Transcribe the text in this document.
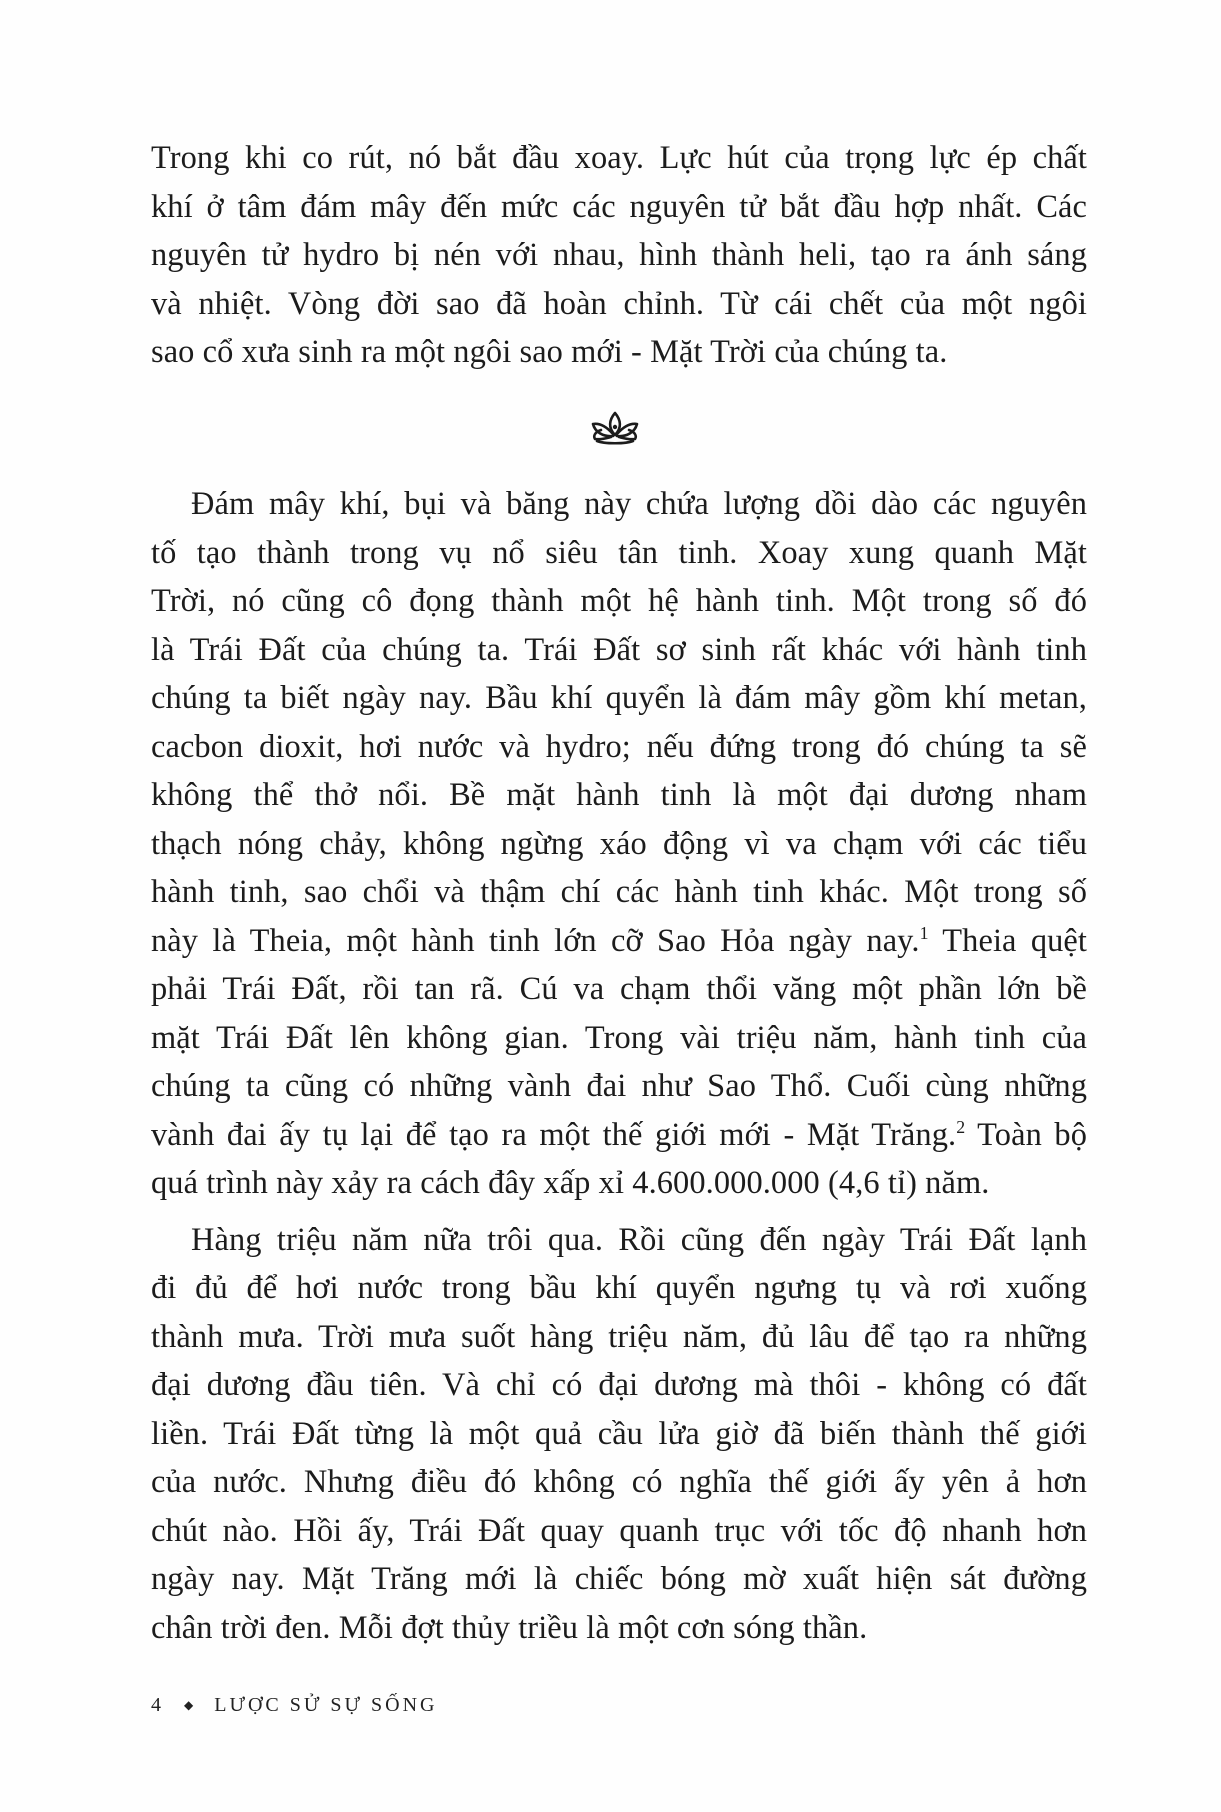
Trong khi co rút, nó bắt đầu xoay. Lực hút của trọng lực ép chất
khí ở tâm đám mây đến mức các nguyên tử bắt đầu hợp nhất. Các
nguyên tử hydro bị nén với nhau, hình thành heli, tạo ra ánh sáng
và nhiệt. Vòng đời sao đã hoàn chỉnh. Từ cái chết của một ngôi
sao cổ xưa sinh ra một ngôi sao mới - Mặt Trời của chúng ta.

Đám mây khí, bụi và băng này chứa lượng dồi dào các nguyên
tố tạo thành trong vụ nổ siêu tân tinh. Xoay xung quanh Mặt
Trời, nó cũng cô đọng thành một hệ hành tinh. Một trong số đó
là Trái Đất của chúng ta. Trái Đất sơ sinh rất khác với hành tinh
chúng ta biết ngày nay. Bầu khí quyển là đám mây gồm khí metan,
cacbon dioxit, hơi nước và hydro; nếu đứng trong đó chúng ta sẽ
không thể thở nổi. Bề mặt hành tinh là một đại dương nham
thạch nóng chảy, không ngừng xáo động vì va chạm với các tiểu
hành tinh, sao chổi và thậm chí các hành tinh khác. Một trong số
này là Theia, một hành tinh lớn cỡ Sao Hỏa ngày nay.$^1$ Theia quệt
phải Trái Đất, rồi tan rã. Cú va chạm thổi văng một phần lớn bề
mặt Trái Đất lên không gian. Trong vài triệu năm, hành tinh của
chúng ta cũng có những vành đai như Sao Thổ. Cuối cùng những
vành đai ấy tụ lại để tạo ra một thế giới mới - Mặt Trăng.$^2$ Toàn bộ
quá trình này xảy ra cách đây xấp xỉ 4.600.000.000 (4,6 tỉ) năm.

Hàng triệu năm nữa trôi qua. Rồi cũng đến ngày Trái Đất lạnh
đi đủ để hơi nước trong bầu khí quyển ngưng tụ và rơi xuống
thành mưa. Trời mưa suốt hàng triệu năm, đủ lâu để tạo ra những
đại dương đầu tiên. Và chỉ có đại dương mà thôi - không có đất
liền. Trái Đất từng là một quả cầu lửa giờ đã biến thành thế giới
của nước. Nhưng điều đó không có nghĩa thế giới ấy yên ả hơn
chút nào. Hồi ấy, Trái Đất quay quanh trục với tốc độ nhanh hơn
ngày nay. Mặt Trăng mới là chiếc bóng mờ xuất hiện sát đường
chân trời đen. Mỗi đợt thủy triều là một cơn sóng thần.

4 ◆ LƯỢC SỬ SỰ SỐNG
